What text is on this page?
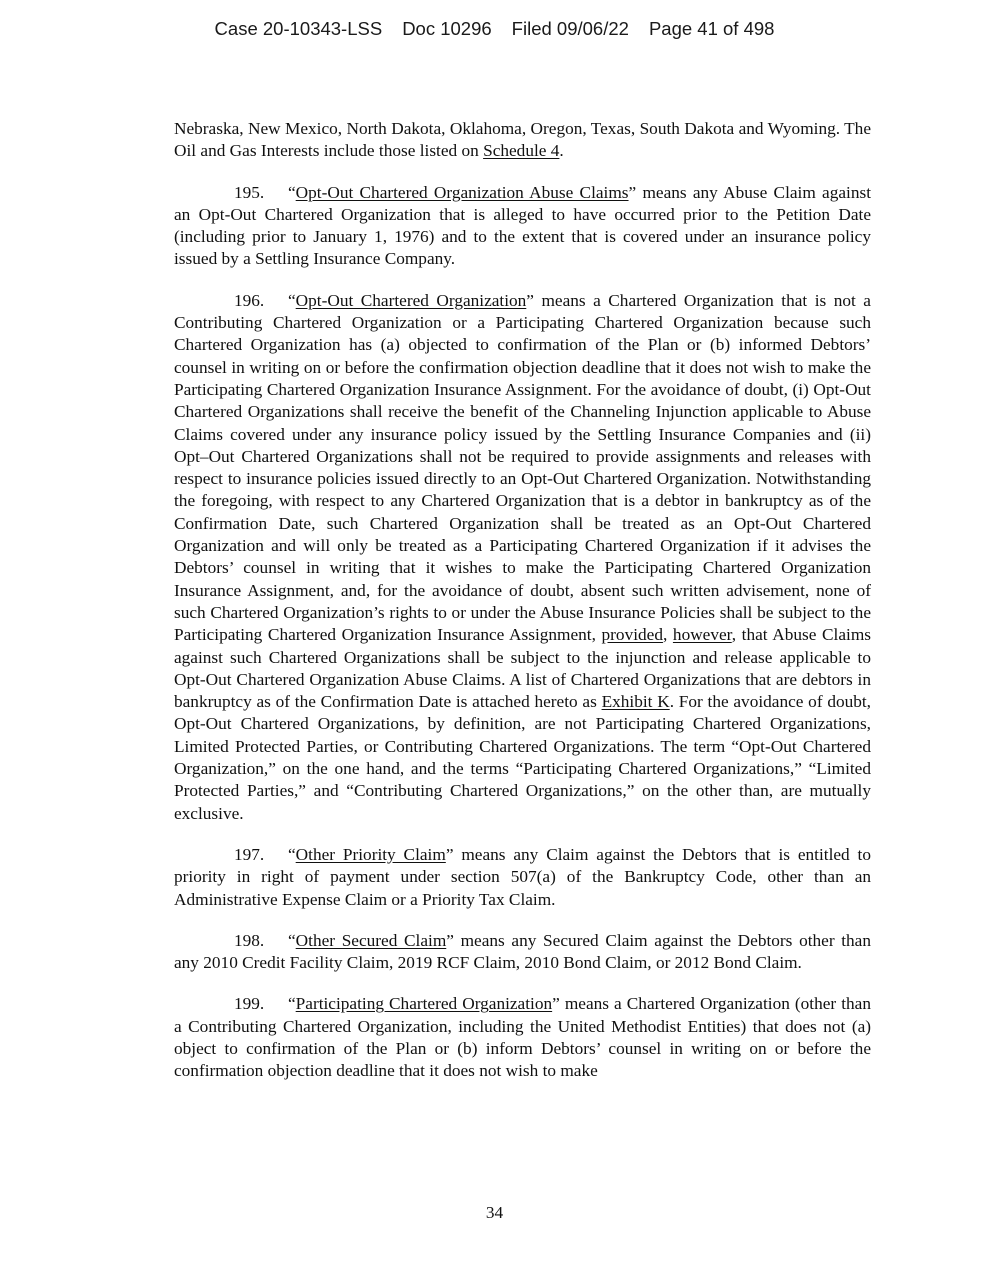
Case 20-10343-LSS Doc 10296 Filed 09/06/22 Page 41 of 498

Nebraska, New Mexico, North Dakota, Oklahoma, Oregon, Texas, South Dakota and Wyoming. The Oil and Gas Interests include those listed on Schedule 4.

195. “Opt-Out Chartered Organization Abuse Claims” means any Abuse Claim against an Opt-Out Chartered Organization that is alleged to have occurred prior to the Petition Date (including prior to January 1, 1976) and to the extent that is covered under an insurance policy issued by a Settling Insurance Company.

196. “Opt-Out Chartered Organization” means a Chartered Organization that is not a Contributing Chartered Organization or a Participating Chartered Organization because such Chartered Organization has (a) objected to confirmation of the Plan or (b) informed Debtors’ counsel in writing on or before the confirmation objection deadline that it does not wish to make the Participating Chartered Organization Insurance Assignment. For the avoidance of doubt, (i) Opt-Out Chartered Organizations shall receive the benefit of the Channeling Injunction applicable to Abuse Claims covered under any insurance policy issued by the Settling Insurance Companies and (ii) Opt–Out Chartered Organizations shall not be required to provide assignments and releases with respect to insurance policies issued directly to an Opt-Out Chartered Organization. Notwithstanding the foregoing, with respect to any Chartered Organization that is a debtor in bankruptcy as of the Confirmation Date, such Chartered Organization shall be treated as an Opt-Out Chartered Organization and will only be treated as a Participating Chartered Organization if it advises the Debtors’ counsel in writing that it wishes to make the Participating Chartered Organization Insurance Assignment, and, for the avoidance of doubt, absent such written advisement, none of such Chartered Organization’s rights to or under the Abuse Insurance Policies shall be subject to the Participating Chartered Organization Insurance Assignment, provided, however, that Abuse Claims against such Chartered Organizations shall be subject to the injunction and release applicable to Opt-Out Chartered Organization Abuse Claims. A list of Chartered Organizations that are debtors in bankruptcy as of the Confirmation Date is attached hereto as Exhibit K. For the avoidance of doubt, Opt-Out Chartered Organizations, by definition, are not Participating Chartered Organizations, Limited Protected Parties, or Contributing Chartered Organizations. The term “Opt-Out Chartered Organization,” on the one hand, and the terms “Participating Chartered Organizations,” “Limited Protected Parties,” and “Contributing Chartered Organizations,” on the other than, are mutually exclusive.

197. “Other Priority Claim” means any Claim against the Debtors that is entitled to priority in right of payment under section 507(a) of the Bankruptcy Code, other than an Administrative Expense Claim or a Priority Tax Claim.

198. “Other Secured Claim” means any Secured Claim against the Debtors other than any 2010 Credit Facility Claim, 2019 RCF Claim, 2010 Bond Claim, or 2012 Bond Claim.

199. “Participating Chartered Organization” means a Chartered Organization (other than a Contributing Chartered Organization, including the United Methodist Entities) that does not (a) object to confirmation of the Plan or (b) inform Debtors’ counsel in writing on or before the confirmation objection deadline that it does not wish to make

34
